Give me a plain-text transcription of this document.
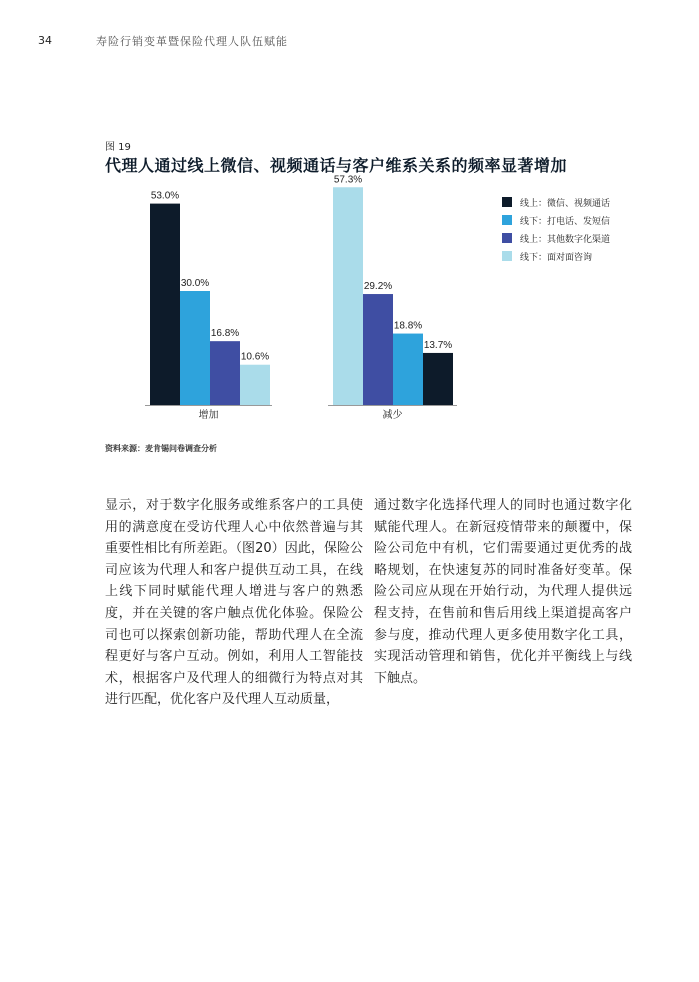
34	寿险行销变革暨保险代理人队伍赋能
图 19
代理人通过线上微信、视频通话与客户维系关系的频率显著增加
53.0%
30.0%
16.8%
10.6%
增加
57.3%
29.2%
18.8%
13.7%
减少
线上：微信、视频通话
线下：打电话、发短信
线上：其他数字化渠道
线下：面对面咨询
资料来源：麦肯锡问卷调查分析
显示，对于数字化服务或维系客户的工具使用的满意度在受访代理人心中依然普遍与其重要性相比有所差距。（图20）因此，保险公司应该为代理人和客户提供互动工具，在线上线下同时赋能代理人增进与客户的熟悉度，并在关键的客户触点优化体验。保险公司也可以探索创新功能，帮助代理人在全流程更好与客户互动。例如，利用人工智能技术，根据客户及代理人的细微行为特点对其进行匹配，优化客户及代理人互动质量，
通过数字化选择代理人的同时也通过数字化赋能代理人。在新冠疫情带来的颠覆中，保险公司危中有机，它们需要通过更优秀的战略规划，在快速复苏的同时准备好变革。保险公司应从现在开始行动，为代理人提供远程支持，在售前和售后用线上渠道提高客户参与度，推动代理人更多使用数字化工具，实现活动管理和销售，优化并平衡线上与线下触点。
